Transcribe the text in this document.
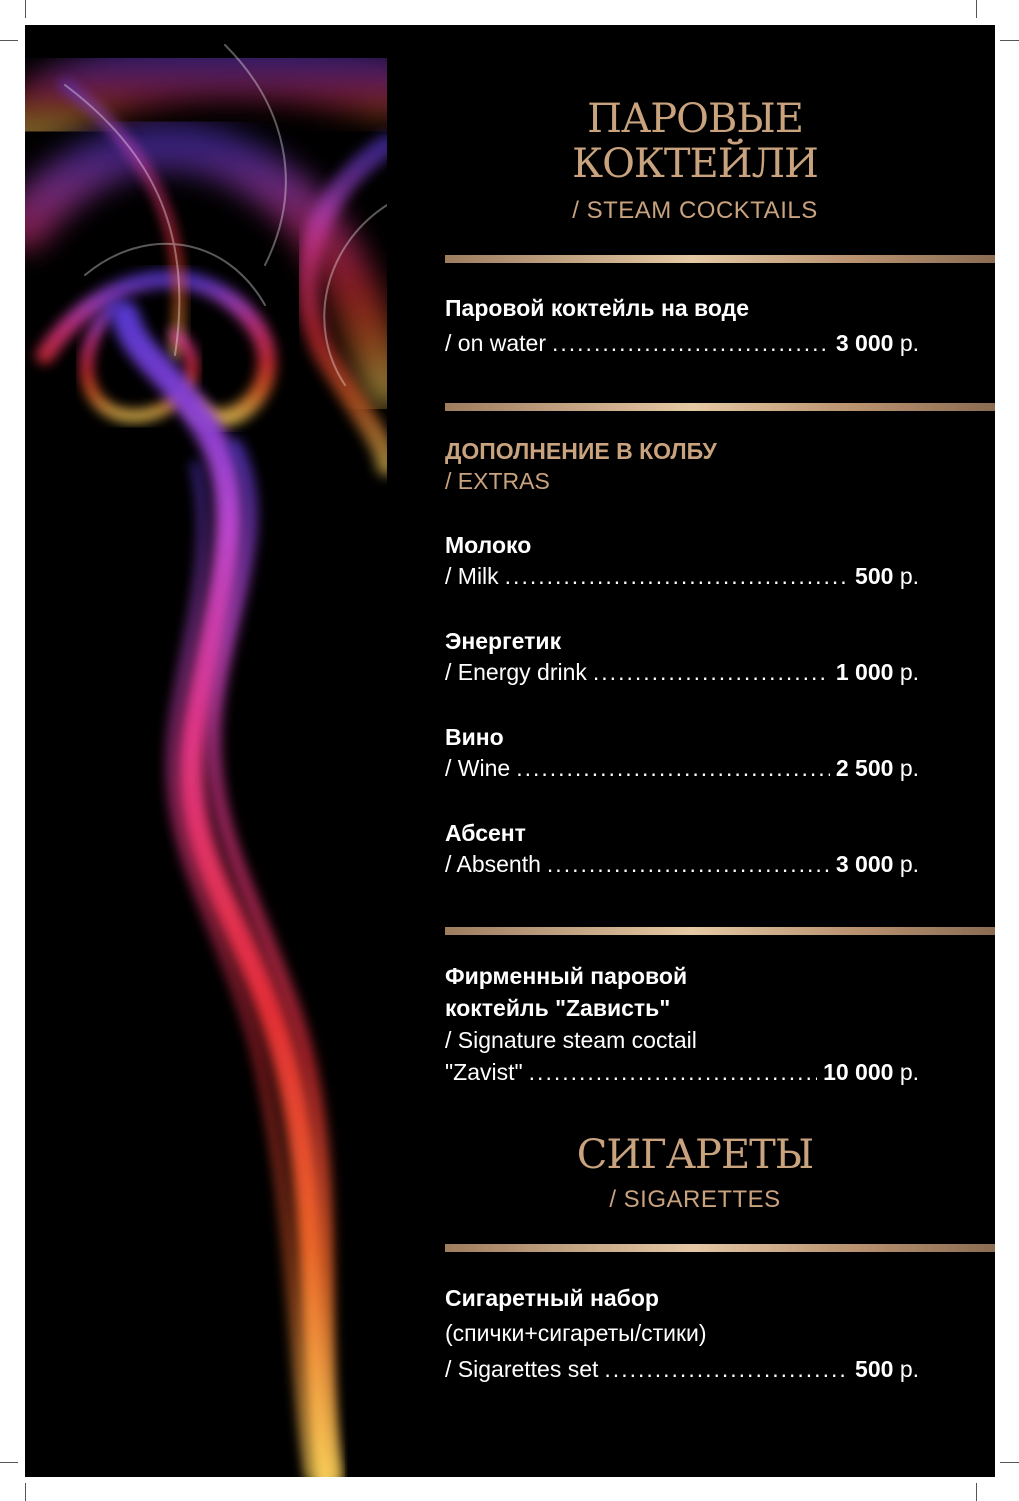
ПАРОВЫЕ
КОКТЕЙЛИ
/ STEAM COCKTAILS
Паровой коктейль на воде
/ on water .....	3 000 р.
ДОПОЛНЕНИЕ В КОЛБУ
/ EXTRAS
Молоко
/ Milk .....	500 р.
Энергетик
/ Energy drink .....	1 000 р.
Вино
/ Wine .....	2 500 р.
Абсент
/ Absenth .....	3 000 р.
Фирменный паровой
коктейль "Zависть"
/ Signature steam coctail
"Zavist" .....	10 000 р.
СИГАРЕТЫ
/ SIGARETTES
Сигаретный набор
(спички+сигареты/стики)
/ Sigarettes set .....	500 р.
